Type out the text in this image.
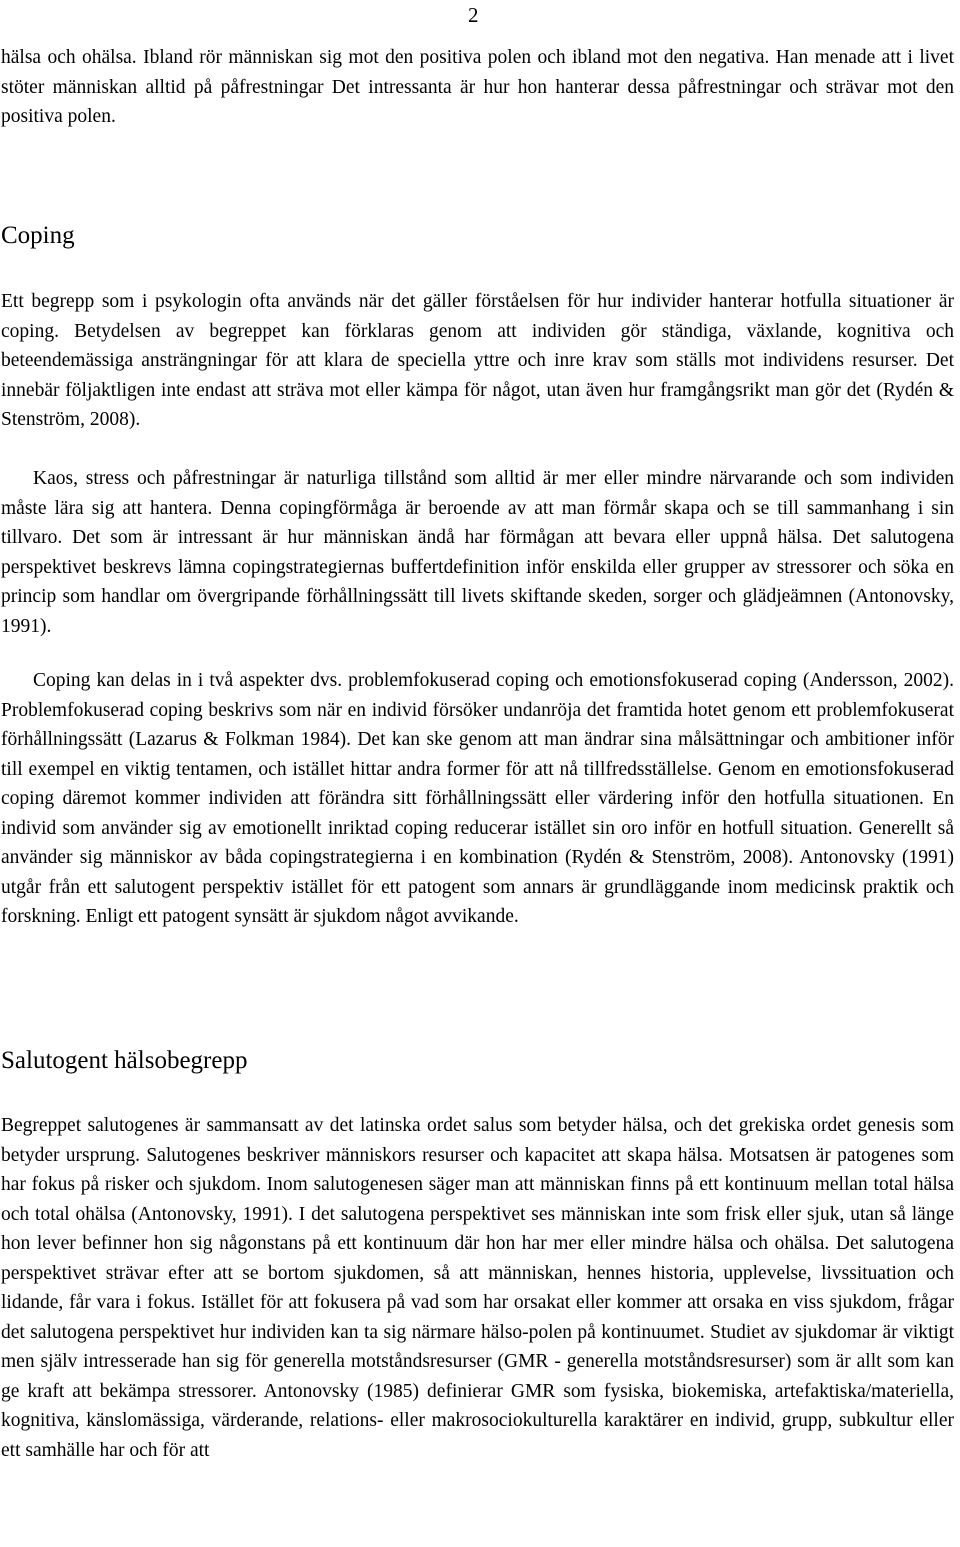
2

hälsa och ohälsa. Ibland rör människan sig mot den positiva polen och ibland mot den negativa. Han menade att i livet stöter människan alltid på påfrestningar Det intressanta är hur hon hanterar dessa påfrestningar och strävar mot den positiva polen.

Coping

Ett begrepp som i psykologin ofta används när det gäller förståelsen för hur individer hanterar hotfulla situationer är coping. Betydelsen av begreppet kan förklaras genom att individen gör ständiga, växlande, kognitiva och beteendemässiga ansträngningar för att klara de speciella yttre och inre krav som ställs mot individens resurser. Det innebär följaktligen inte endast att sträva mot eller kämpa för något, utan även hur framgångsrikt man gör det (Rydén & Stenström, 2008).

Kaos, stress och påfrestningar är naturliga tillstånd som alltid är mer eller mindre närvarande och som individen måste lära sig att hantera. Denna copingförmåga är beroende av att man förmår skapa och se till sammanhang i sin tillvaro. Det som är intressant är hur människan ändå har förmågan att bevara eller uppnå hälsa. Det salutogena perspektivet beskrevs lämna copingstrategiernas buffertdefinition inför enskilda eller grupper av stressorer och söka en princip som handlar om övergripande förhållningssätt till livets skiftande skeden, sorger och glädjeämnen (Antonovsky, 1991).

Coping kan delas in i två aspekter dvs. problemfokuserad coping och emotionsfokuserad coping (Andersson, 2002). Problemfokuserad coping beskrivs som när en individ försöker undanröja det framtida hotet genom ett problemfokuserat förhållningssätt (Lazarus & Folkman 1984). Det kan ske genom att man ändrar sina målsättningar och ambitioner inför till exempel en viktig tentamen, och istället hittar andra former för att nå tillfredsställelse. Genom en emotionsfokuserad coping däremot kommer individen att förändra sitt förhållningssätt eller värdering inför den hotfulla situationen. En individ som använder sig av emotionellt inriktad coping reducerar istället sin oro inför en hotfull situation. Generellt så använder sig människor av båda copingstrategierna i en kombination (Rydén & Stenström, 2008). Antonovsky (1991) utgår från ett salutogent perspektiv istället för ett patogent som annars är grundläggande inom medicinsk praktik och forskning. Enligt ett patogent synsätt är sjukdom något avvikande.

Salutogent hälsobegrepp

Begreppet salutogenes är sammansatt av det latinska ordet salus som betyder hälsa, och det grekiska ordet genesis som betyder ursprung. Salutogenes beskriver människors resurser och kapacitet att skapa hälsa. Motsatsen är patogenes som har fokus på risker och sjukdom. Inom salutogenesen säger man att människan finns på ett kontinuum mellan total hälsa och total ohälsa (Antonovsky, 1991). I det salutogena perspektivet ses människan inte som frisk eller sjuk, utan så länge hon lever befinner hon sig någonstans på ett kontinuum där hon har mer eller mindre hälsa och ohälsa. Det salutogena perspektivet strävar efter att se bortom sjukdomen, så att människan, hennes historia, upplevelse, livssituation och lidande, får vara i fokus. Istället för att fokusera på vad som har orsakat eller kommer att orsaka en viss sjukdom, frågar det salutogena perspektivet hur individen kan ta sig närmare hälso-polen på kontinuumet. Studiet av sjukdomar är viktigt men själv intresserade han sig för generella motståndsresurser (GMR - generella motståndsresurser) som är allt som kan ge kraft att bekämpa stressorer. Antonovsky (1985) definierar GMR som fysiska, biokemiska, artefaktiska/materiella, kognitiva, känslomässiga, värderande, relations- eller makrosociokulturella karaktärer en individ, grupp, subkultur eller ett samhälle har och för att
